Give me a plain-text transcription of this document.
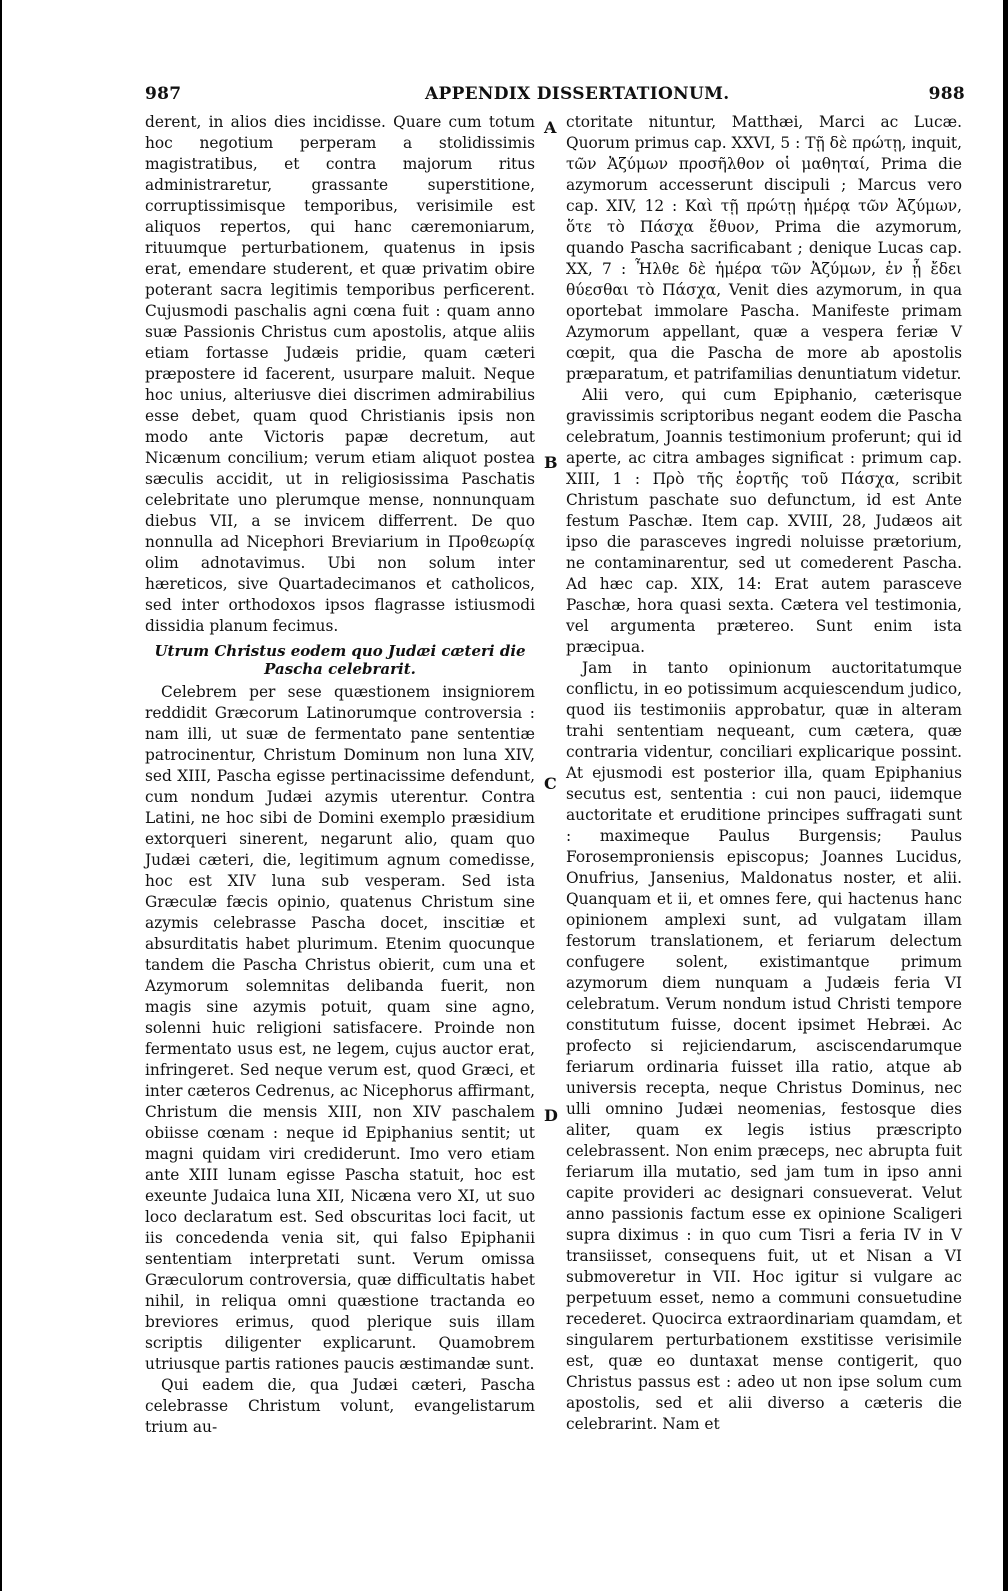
987	APPENDIX DISSERTATIONUM.	988

derent, in alios dies incidisse. Quare cum totum hoc negotium perperam a stolidissimis magistratibus, et contra majorum ritus administraretur, grassante superstitione, corruptissimisque temporibus, verisimile est aliquos repertos, qui hanc cæremoniarum, rituumque perturbationem, quatenus in ipsis erat, emendare studerent, et quæ privatim obire poterant sacra legitimis temporibus perficerent. Cujusmodi paschalis agni cœna fuit : quam anno suæ Passionis Christus cum apostolis, atque aliis etiam fortasse Judæis pridie, quam cæteri præpostere id facerent, usurpare maluit. Neque hoc unius, alteriusve diei discrimen admirabilius esse debet, quam quod Christianis ipsis non modo ante Victoris papæ decretum, aut Nicænum concilium; verum etiam aliquot postea sæculis accidit, ut in religiosissima Paschatis celebritate uno plerumque mense, nonnunquam diebus VII, a se invicem differrent. De quo nonnulla ad Nicephori Breviarium in Προθεωρίᾳ olim adnotavimus. Ubi non solum inter hæreticos, sive Quartadecimanos et catholicos, sed inter orthodoxos ipsos flagrasse istiusmodi dissidia planum fecimus.

Utrum Christus eodem quo Judæi cæteri die Pascha celebrarit.

Celebrem per sese quæstionem insigniorem reddidit Græcorum Latinorumque controversia : nam illi, ut suæ de fermentato pane sententiæ patrocinentur, Christum Dominum non luna XIV, sed XIII, Pascha egisse pertinacissime defendunt, cum nondum Judæi azymis uterentur. Contra Latini, ne hoc sibi de Domini exemplo præsidium extorqueri sinerent, negarunt alio, quam quo Judæi cæteri, die, legitimum agnum comedisse, hoc est XIV luna sub vesperam. Sed ista Græculæ fæcis opinio, quatenus Christum sine azymis celebrasse Pascha docet, inscitiæ et absurditatis habet plurimum. Etenim quocunque tandem die Pascha Christus obierit, cum una et Azymorum solemnitas delibanda fuerit, non magis sine azymis potuit, quam sine agno, solenni huic religioni satisfacere. Proinde non fermentato usus est, ne legem, cujus auctor erat, infringeret. Sed neque verum est, quod Græci, et inter cæteros Cedrenus, ac Nicephorus affirmant, Christum die mensis XIII, non XIV paschalem obiisse cœnam : neque id Epiphanius sentit; ut magni quidam viri crediderunt. Imo vero etiam ante XIII lunam egisse Pascha statuit, hoc est exeunte Judaica luna XII, Nicæna vero XI, ut suo loco declaratum est. Sed obscuritas loci facit, ut iis concedenda venia sit, qui falso Epiphanii sententiam interpretati sunt. Verum omissa Græculorum controversia, quæ difficultatis habet nihil, in reliqua omni quæstione tractanda eo breviores erimus, quod plerique suis illam scriptis diligenter explicarunt. Quamobrem utriusque partis rationes paucis æstimandæ sunt.

Qui eadem die, qua Judæi cæteri, Pascha celebrasse Christum volunt, evangelistarum trium au-

A
B
C
D

ctoritate nituntur, Matthæi, Marci ac Lucæ. Quorum primus cap. XXVI, 5 : Τῇ δὲ πρώτῃ, inquit, τῶν Ἀζύμων προσῆλθον οἱ μαθηταί, Prima die azymorum accesserunt discipuli ; Marcus vero cap. XIV, 12 : Καὶ τῇ πρώτῃ ἡμέρᾳ τῶν Ἀζύμων, ὅτε τὸ Πάσχα ἔθυον, Prima die azymorum, quando Pascha sacrificabant ; denique Lucas cap. XX, 7 : Ἦλθε δὲ ἡμέρα τῶν Ἀζύμων, ἐν ᾗ ἔδει θύεσθαι τὸ Πάσχα, Venit dies azymorum, in qua oportebat immolare Pascha. Manifeste primam Azymorum appellant, quæ a vespera feriæ V cœpit, qua die Pascha de more ab apostolis præparatum, et patrifamilias denuntiatum videtur.

Alii vero, qui cum Epiphanio, cæterisque gravissimis scriptoribus negant eodem die Pascha celebratum, Joannis testimonium proferunt; qui id aperte, ac citra ambages significat : primum cap. XIII, 1 : Πρὸ τῆς ἑορτῆς τοῦ Πάσχα, scribit Christum paschate suo defunctum, id est Ante festum Paschæ. Item cap. XVIII, 28, Judæos ait ipso die parasceves ingredi noluisse prætorium, ne contaminarentur, sed ut comederent Pascha. Ad hæc cap. XIX, 14: Erat autem parasceve Paschæ, hora quasi sexta. Cætera vel testimonia, vel argumenta prætereo. Sunt enim ista præcipua.

Jam in tanto opinionum auctoritatumque conflictu, in eo potissimum acquiescendum judico, quod iis testimoniis approbatur, quæ in alteram trahi sententiam nequeant, cum cætera, quæ contraria videntur, conciliari explicarique possint. At ejusmodi est posterior illa, quam Epiphanius secutus est, sententia : cui non pauci, iidemque auctoritate et eruditione principes suffragati sunt : maximeque Paulus Burgensis; Paulus Forosemproniensis episcopus; Joannes Lucidus, Onufrius, Jansenius, Maldonatus noster, et alii. Quanquam et ii, et omnes fere, qui hactenus hanc opinionem amplexi sunt, ad vulgatam illam festorum translationem, et feriarum delectum confugere solent, existimantque primum azymorum diem nunquam a Judæis feria VI celebratum. Verum nondum istud Christi tempore constitutum fuisse, docent ipsimet Hebræi. Ac profecto si rejiciendarum, asciscendarumque feriarum ordinaria fuisset illa ratio, atque ab universis recepta, neque Christus Dominus, nec ulli omnino Judæi neomenias, festosque dies aliter, quam ex legis istius præscripto celebrassent. Non enim præceps, nec abrupta fuit feriarum illa mutatio, sed jam tum in ipso anni capite provideri ac designari consueverat. Velut anno passionis factum esse ex opinione Scaligeri supra diximus : in quo cum Tisri a feria IV in V transiisset, consequens fuit, ut et Nisan a VI submoveretur in VII. Hoc igitur si vulgare ac perpetuum esset, nemo a communi consuetudine recederet. Quocirca extraordinariam quamdam, et singularem perturbationem exstitisse verisimile est, quæ eo duntaxat mense contigerit, quo Christus passus est : adeo ut non ipse solum cum apostolis, sed et alii diverso a cæteris die celebrarint. Nam et
